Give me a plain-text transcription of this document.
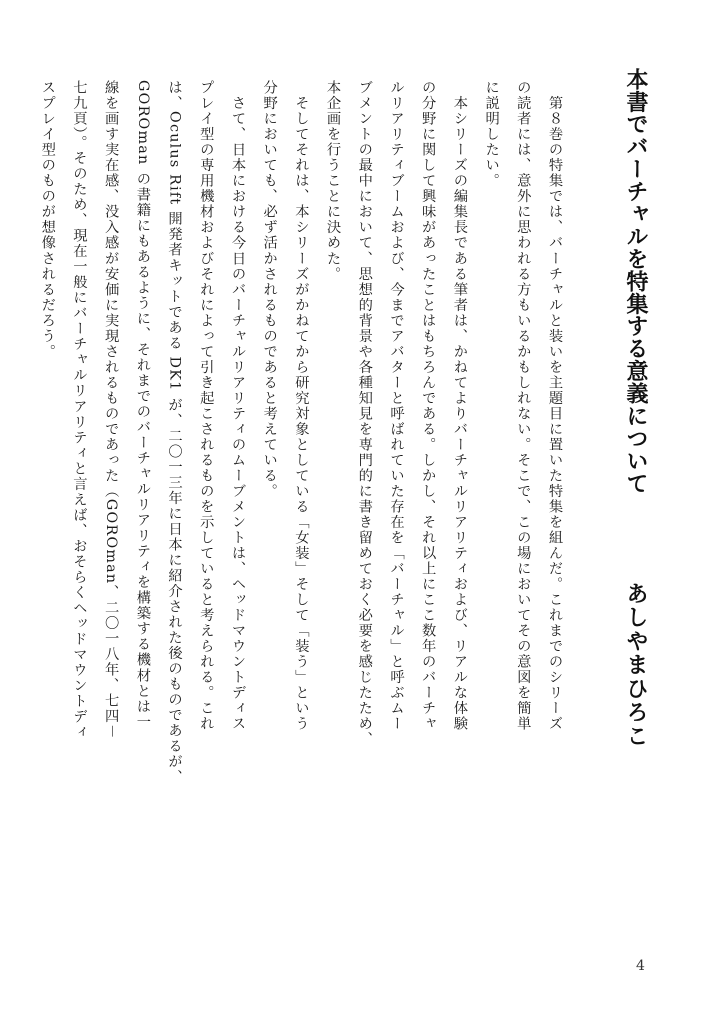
本書でバーチャルを特集する意義について
あしやまひろこ
　第８巻の特集では、バーチャルと装いを主題目に置いた特集を組んだ。これまでのシリーズ
の読者には、意外に思われる方もいるかもしれない。そこで、この場においてその意図を簡単
に説明したい。
　本シリーズの編集長である筆者は、かねてよりバーチャルリアリティおよび、リアルな体験
の分野に関して興味があったことはもちろんである。しかし、それ以上にここ数年のバーチャ
ルリアリティブームおよび、今までアバターと呼ばれていた存在を「バーチャル」と呼ぶムー
ブメントの最中において、思想的背景や各種知見を専門的に書き留めておく必要を感じたため、
本企画を行うことに決めた。
　そしてそれは、本シリーズがかねてから研究対象としている「女装」そして「装う」という
分野においても、必ず活かされるものであると考えている。
　さて、日本における今日のバーチャルリアリティのムーブメントは、ヘッドマウントディス
プレイ型の専用機材およびそれによって引き起こされるものを示していると考えられる。これ
は、Oculus Rift 開発者キットである DK1 が、二〇一三年に日本に紹介された後のものであるが、
GOROman の書籍にもあるように、それまでのバーチャルリアリティを構築する機材とは一
線を画す実在感、没入感が安価に実現されるものであった（GOROman、二〇一八年、七四－
七九頁）。そのため、現在一般にバーチャルリアリティと言えば、おそらくヘッドマウントディ
スプレイ型のものが想像されるだろう。
4
